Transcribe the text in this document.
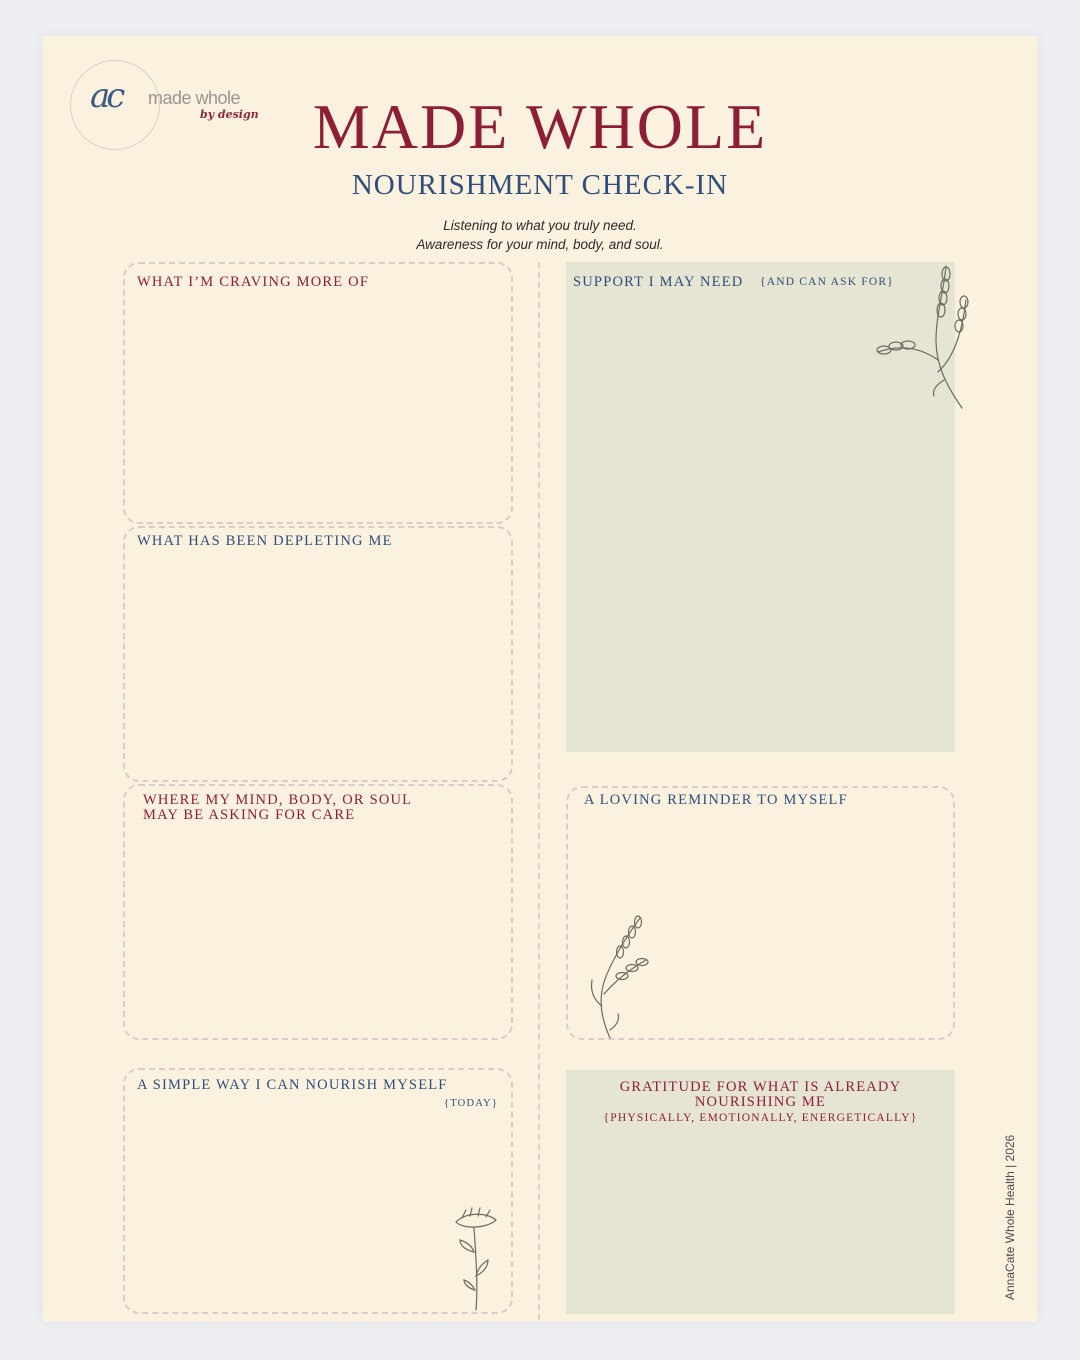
ac made whole
by design MADE WHOLE
NOURISHMENT CHECK-IN
Listening to what you truly need.
Awareness for your mind, body, and soul.
WHAT I’M CRAVING MORE OF
WHAT HAS BEEN DEPLETING ME
WHERE MY MIND, BODY, OR SOUL
MAY BE ASKING FOR CARE
A SIMPLE WAY I CAN NOURISH MYSELF
{TODAY}
SUPPORT I MAY NEED {AND CAN ASK FOR}
A LOVING REMINDER TO MYSELF
GRATITUDE FOR WHAT IS ALREADY
NOURISHING ME
{PHYSICALLY, EMOTIONALLY, ENERGETICALLY}
AnnaCate Whole Health | 2026
